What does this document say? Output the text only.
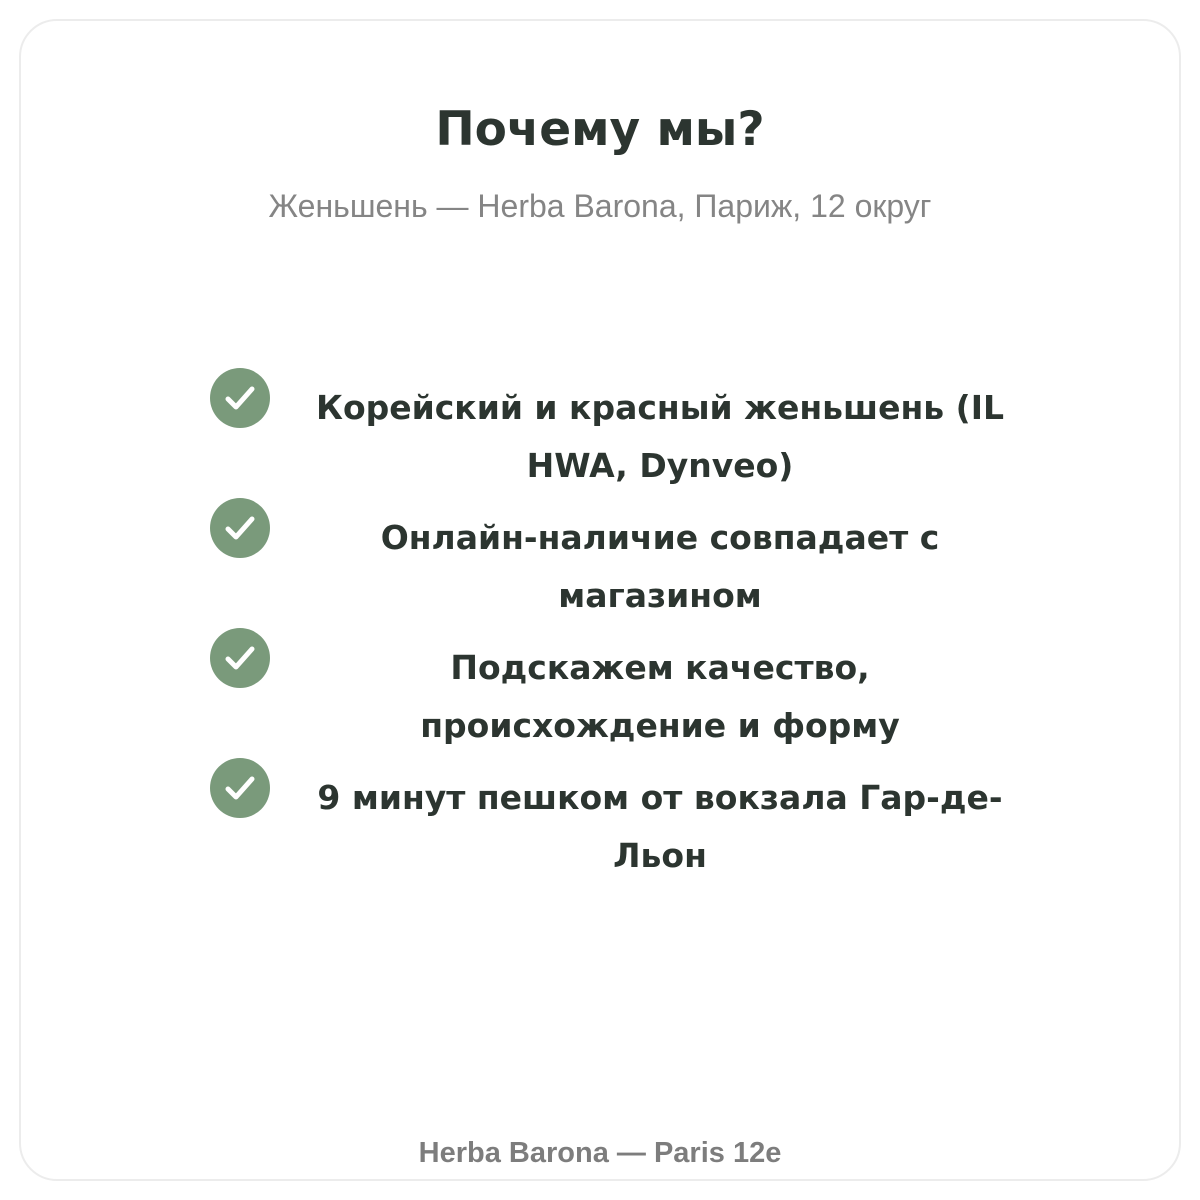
Почему мы?

Женьшень — Herba Barona, Париж, 12 округ

Корейский и красный женьшень (IL HWA, Dynveo)
Онлайн-наличие совпадает с магазином
Подскажем качество, происхождение и форму
9 минут пешком от вокзала Гар-де-Льон

Herba Barona — Paris 12e
